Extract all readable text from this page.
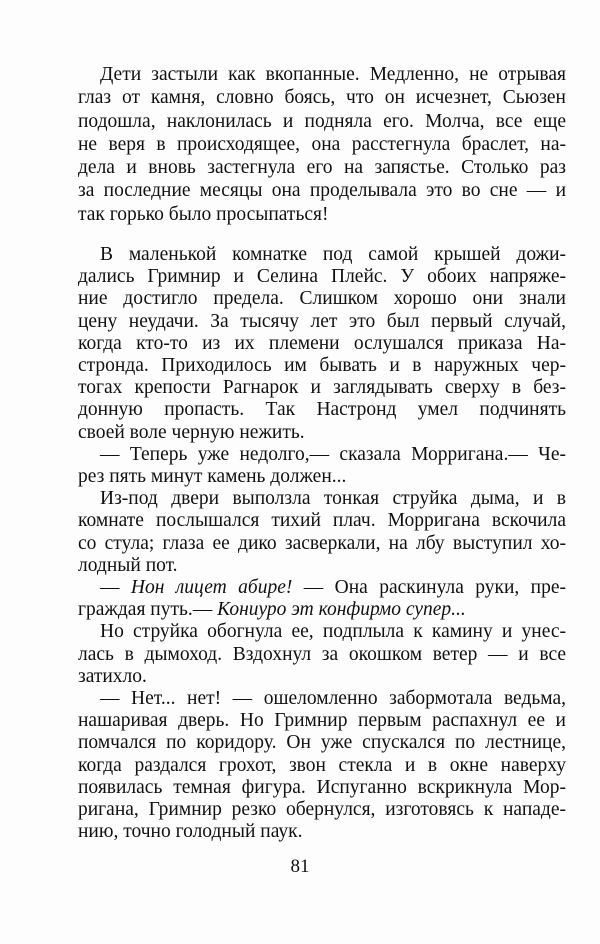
Дети застыли как вкопанные. Медленно, не отрывая
глаз от камня, словно боясь, что он исчезнет, Сьюзен
подошла, наклонилась и подняла его. Молча, все еще
не веря в происходящее, она расстегнула браслет, на-
дела и вновь застегнула его на запястье. Столько раз
за последние месяцы она проделывала это во сне — и
так горько было просыпаться!
В маленькой комнатке под самой крышей дожи-
дались Гримнир и Селина Плейс. У обоих напряже-
ние достигло предела. Слишком хорошо они знали
цену неудачи. За тысячу лет это был первый случай,
когда кто-то из их племени ослушался приказа На-
стронда. Приходилось им бывать и в наружных чер-
тогах крепости Рагнарок и заглядывать сверху в без-
донную пропасть. Так Настронд умел подчинять
своей воле черную нежить.
— Теперь уже недолго,— сказала Морригана.— Че-
рез пять минут камень должен...
Из-под двери выползла тонкая струйка дыма, и в
комнате послышался тихий плач. Морригана вскочила
со стула; глаза ее дико засверкали, на лбу выступил хо-
лодный пот.
— Нон лицет абире! — Она раскинула руки, пре-
граждая путь.— Кониуро эт конфирмо супер...
Но струйка обогнула ее, подплыла к камину и унес-
лась в дымоход. Вздохнул за окошком ветер — и все
затихло.
— Нет... нет! — ошеломленно забормотала ведьма,
нашаривая дверь. Но Гримнир первым распахнул ее и
помчался по коридору. Он уже спускался по лестнице,
когда раздался грохот, звон стекла и в окне наверху
появилась темная фигура. Испуганно вскрикнула Мор-
ригана, Гримнир резко обернулся, изготовясь к нападе-
нию, точно голодный паук.
81
